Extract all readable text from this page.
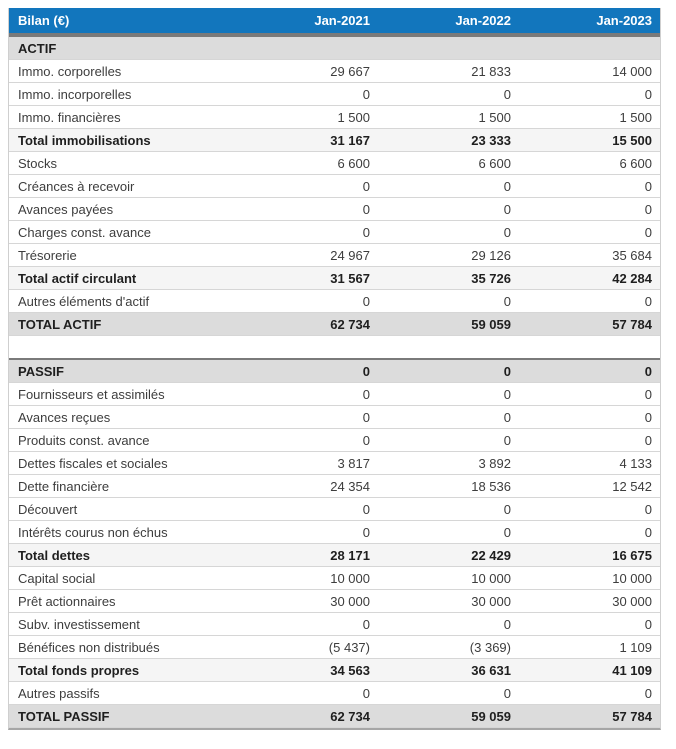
Bilan (€)	Jan-2021	Jan-2022	Jan-2023
ACTIF
Immo. corporelles	29 667	21 833	14 000
Immo. incorporelles	0	0	0
Immo. financières	1 500	1 500	1 500
Total immobilisations	31 167	23 333	15 500
Stocks	6 600	6 600	6 600
Créances à recevoir	0	0	0
Avances payées	0	0	0
Charges const. avance	0	0	0
Trésorerie	24 967	29 126	35 684
Total actif circulant	31 567	35 726	42 284
Autres éléments d'actif	0	0	0
TOTAL ACTIF	62 734	59 059	57 784
PASSIF	0	0	0
Fournisseurs et assimilés	0	0	0
Avances reçues	0	0	0
Produits const. avance	0	0	0
Dettes fiscales et sociales	3 817	3 892	4 133
Dette financière	24 354	18 536	12 542
Découvert	0	0	0
Intérêts courus non échus	0	0	0
Total dettes	28 171	22 429	16 675
Capital social	10 000	10 000	10 000
Prêt actionnaires	30 000	30 000	30 000
Subv. investissement	0	0	0
Bénéfices non distribués	(5 437)	(3 369)	1 109
Total fonds propres	34 563	36 631	41 109
Autres passifs	0	0	0
TOTAL PASSIF	62 734	59 059	57 784
